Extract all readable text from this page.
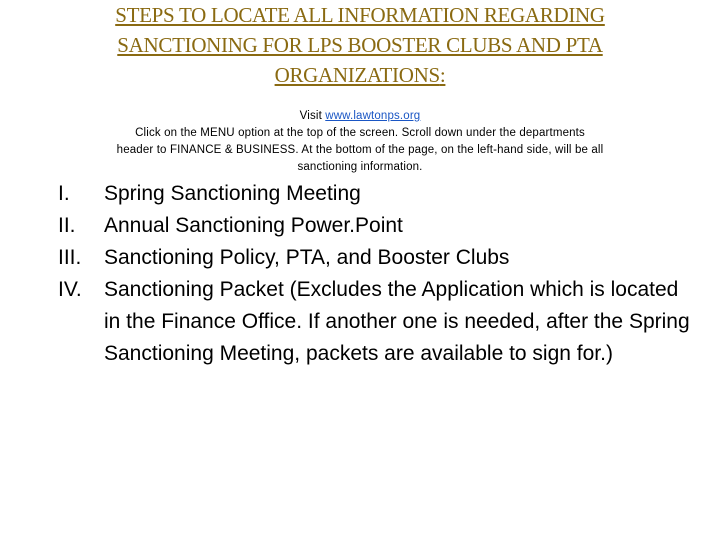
STEPS TO LOCATE ALL INFORMATION REGARDING
SANCTIONING FOR LPS BOOSTER CLUBS AND PTA
ORGANIZATIONS:
Visit www.lawtonps.org
Click on the MENU option at the top of the screen. Scroll down under the departments
header to FINANCE & BUSINESS. At the bottom of the page, on the left-hand side, will be all
sanctioning information.
I.	Spring Sanctioning Meeting
II.	Annual Sanctioning Power.Point
III.	Sanctioning Policy, PTA, and Booster Clubs
IV.	Sanctioning Packet (Excludes the Application which is located in the Finance Office. If another one is needed, after the Spring Sanctioning Meeting, packets are available to sign for.)
